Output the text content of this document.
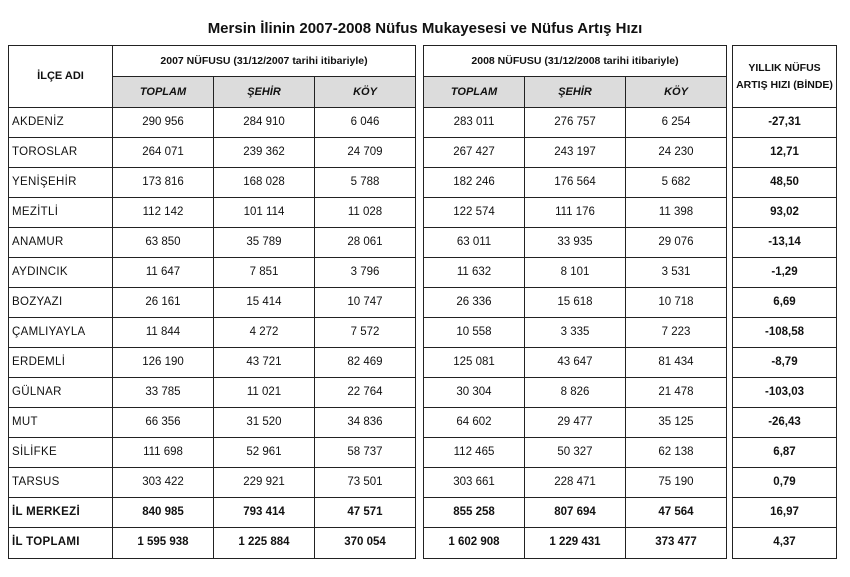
Mersin İlinin 2007-2008 Nüfus Mukayesesi ve Nüfus Artış Hızı
İLÇE ADI	2007 NÜFUSU (31/12/2007 tarihi itibariyle)				2008 NÜFUSU (31/12/2008 tarihi itibariyle)				YILLIK NÜFUS
ARTIŞ HIZI (BİNDE)
	TOPLAM	ŞEHİR	KÖY		TOPLAM	ŞEHİR	KÖY		
AKDENİZ	290 956	284 910	6 046		283 011	276 757	6 254		-27,31
TOROSLAR	264 071	239 362	24 709		267 427	243 197	24 230		12,71
YENİŞEHİR	173 816	168 028	5 788		182 246	176 564	5 682		48,50
MEZİTLİ	112 142	101 114	11 028		122 574	111 176	11 398		93,02
ANAMUR	63 850	35 789	28 061		63 011	33 935	29 076		-13,14
AYDINCIK	11 647	7 851	3 796		11 632	8 101	3 531		-1,29
BOZYAZI	26 161	15 414	10 747		26 336	15 618	10 718		6,69
ÇAMLIYAYLA	11 844	4 272	7 572		10 558	3 335	7 223		-108,58
ERDEMLİ	126 190	43 721	82 469		125 081	43 647	81 434		-8,79
GÜLNAR	33 785	11 021	22 764		30 304	8 826	21 478		-103,03
MUT	66 356	31 520	34 836		64 602	29 477	35 125		-26,43
SİLİFKE	111 698	52 961	58 737		112 465	50 327	62 138		6,87
TARSUS	303 422	229 921	73 501		303 661	228 471	75 190		0,79
İL MERKEZİ	840 985	793 414	47 571		855 258	807 694	47 564		16,97
İL TOPLAMI	1 595 938	1 225 884	370 054		1 602 908	1 229 431	373 477		4,37
